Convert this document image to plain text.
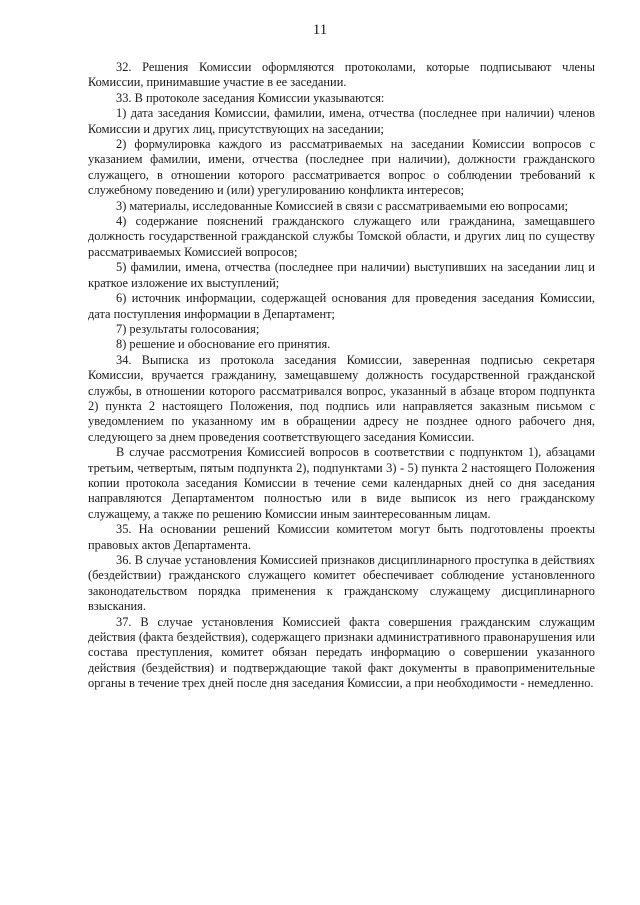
11

32. Решения Комиссии оформляются протоколами, которые подписывают члены Комиссии, принимавшие участие в ее заседании.

33. В протоколе заседания Комиссии указываются:

1) дата заседания Комиссии, фамилии, имена, отчества (последнее при наличии) членов Комиссии и других лиц, присутствующих на заседании;

2) формулировка каждого из рассматриваемых на заседании Комиссии вопросов с указанием фамилии, имени, отчества (последнее при наличии), должности гражданского служащего, в отношении которого рассматривается вопрос о соблюдении требований к служебному поведению и (или) урегулированию конфликта интересов;

3) материалы, исследованные Комиссией в связи с рассматриваемыми ею вопросами;

4) содержание пояснений гражданского служащего или гражданина, замещавшего должность государственной гражданской службы Томской области, и других лиц по существу рассматриваемых Комиссией вопросов;

5) фамилии, имена, отчества (последнее при наличии) выступивших на заседании лиц и краткое изложение их выступлений;

6) источник информации, содержащей основания для проведения заседания Комиссии, дата поступления информации в Департамент;

7) результаты голосования;

8) решение и обоснование его принятия.

34. Выписка из протокола заседания Комиссии, заверенная подписью секретаря Комиссии, вручается гражданину, замещавшему должность государственной гражданской службы, в отношении которого рассматривался вопрос, указанный в абзаце втором подпункта 2) пункта 2 настоящего Положения, под подпись или направляется заказным письмом с уведомлением по указанному им в обращении адресу не позднее одного рабочего дня, следующего за днем проведения соответствующего заседания Комиссии.

В случае рассмотрения Комиссией вопросов в соответствии с подпунктом 1), абзацами третьим, четвертым, пятым подпункта 2), подпунктами 3) - 5) пункта 2 настоящего Положения копии протокола заседания Комиссии в течение семи календарных дней со дня заседания направляются Департаментом полностью или в виде выписок из него гражданскому служащему, а также по решению Комиссии иным заинтересованным лицам.

35. На основании решений Комиссии комитетом могут быть подготовлены проекты правовых актов Департамента.

36. В случае установления Комиссией признаков дисциплинарного проступка в действиях (бездействии) гражданского служащего комитет обеспечивает соблюдение установленного законодательством порядка применения к гражданскому служащему дисциплинарного взыскания.

37. В случае установления Комиссией факта совершения гражданским служащим действия (факта бездействия), содержащего признаки административного правонарушения или состава преступления, комитет обязан передать информацию о совершении указанного действия (бездействия) и подтверждающие такой факт документы в правоприменительные органы в течение трех дней после дня заседания Комиссии, а при необходимости - немедленно.
